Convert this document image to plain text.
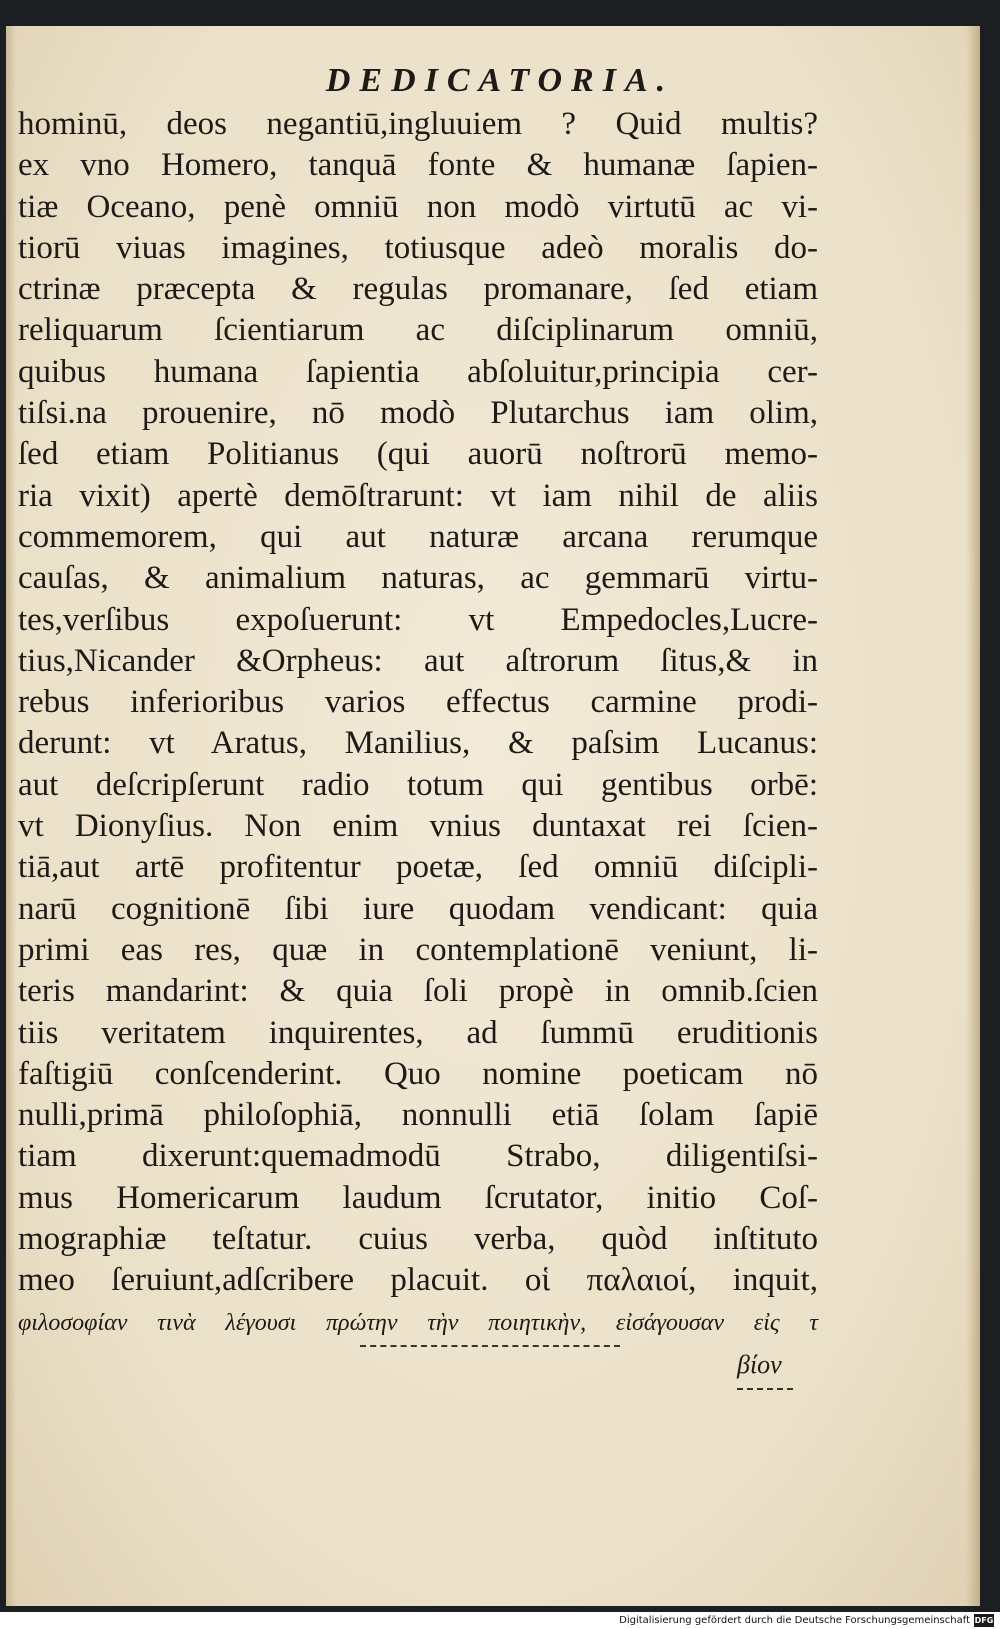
DEDICATORIA.
hominū, deos negantiū,ingluuiem ? Quid multis?
ex vno Homero, tanquā fonte & humanæ ſapien-
tiæ Oceano, penè omniū non modò virtutū ac vi-
tiorū viuas imagines, totiusque adeò moralis do-
ctrinæ præcepta & regulas promanare, ſed etiam
reliquarum ſcientiarum ac diſciplinarum omniū,
quibus humana ſapientia abſoluitur,principia cer-
tiſsi.na prouenire, nō modò Plutarchus iam olim,
ſed etiam Politianus (qui auorū noſtrorū memo-
ria vixit) apertè demōſtrarunt: vt iam nihil de aliis
commemorem, qui aut naturæ arcana rerumque
cauſas, & animalium naturas, ac gemmarū virtu-
tes,verſibus expoſuerunt: vt Empedocles,Lucre-
tius,Nicander &Orpheus: aut aſtrorum ſitus,& in
rebus inferioribus varios effectus carmine prodi-
derunt: vt Aratus, Manilius, & paſsim Lucanus:
aut deſcripſerunt radio totum qui gentibus orbē:
vt Dionyſius. Non enim vnius duntaxat rei ſcien-
tiā,aut artē profitentur poetæ, ſed omniū diſcipli-
narū cognitionē ſibi iure quodam vendicant: quia
primi eas res, quæ in contemplationē veniunt, li-
teris mandarint: & quia ſoli propè in omnib.ſcien
tiis veritatem inquirentes, ad ſummū eruditionis
faſtigiū conſcenderint. Quo nomine poeticam nō
nulli,primā philoſophiā, nonnulli etiā ſolam ſapiē
tiam dixerunt:quemadmodū Strabo, diligentiſsi-
mus Homericarum laudum ſcrutator, initio Coſ-
mographiæ teſtatur. cuius verba, quòd inſtituto
meo ſeruiunt,adſcribere placuit. οἱ παλαιοί, inquit,
φιλοσοφίαν τινὰ λέγουσι πρώτην τὴν ποιητικὴν, εἰσάγουσαν εἰς τ
βίον
Digitalisierung gefördert durch die Deutsche Forschungsgemeinschaft DFG
